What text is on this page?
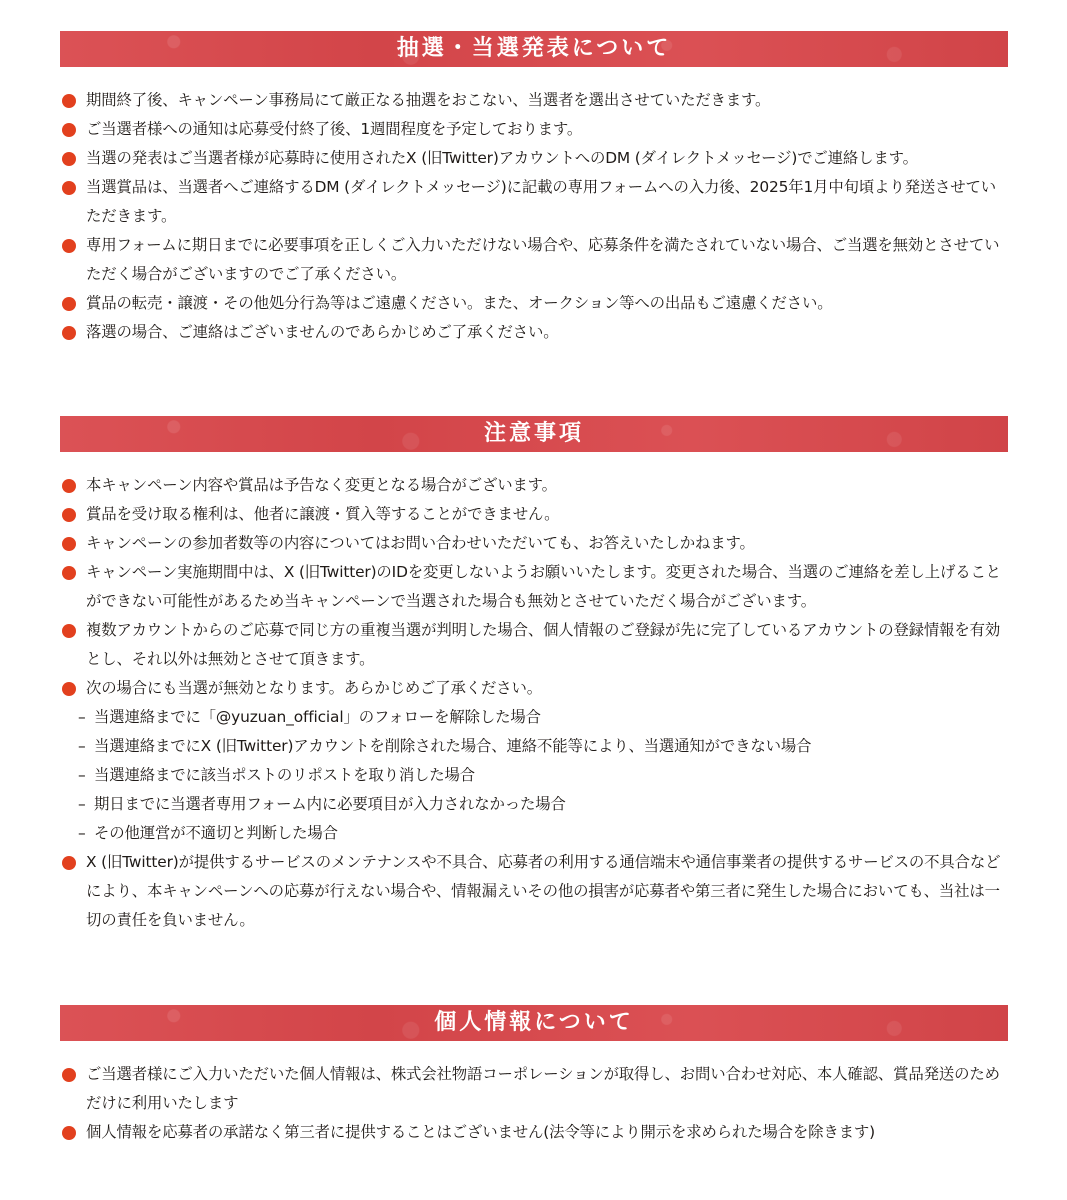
抽選・当選発表について
期間終了後、キャンペーン事務局にて厳正なる抽選をおこない、当選者を選出させていただきます。
ご当選者様への通知は応募受付終了後、1週間程度を予定しております。
当選の発表はご当選者様が応募時に使用されたX (旧Twitter)アカウントへのDM (ダイレクトメッセージ)でご連絡します。
当選賞品は、当選者へご連絡するDM (ダイレクトメッセージ)に記載の専用フォームへの入力後、2025年1月中旬頃より発送させていただきます。
専用フォームに期日までに必要事項を正しくご入力いただけない場合や、応募条件を満たされていない場合、ご当選を無効とさせていただく場合がございますのでご了承ください。
賞品の転売・譲渡・その他処分行為等はご遠慮ください。また、オークション等への出品もご遠慮ください。
落選の場合、ご連絡はございませんのであらかじめご了承ください。
注意事項
本キャンペーン内容や賞品は予告なく変更となる場合がございます。
賞品を受け取る権利は、他者に譲渡・質入等することができません。
キャンペーンの参加者数等の内容についてはお問い合わせいただいても、お答えいたしかねます。
キャンペーン実施期間中は、X (旧Twitter)のIDを変更しないようお願いいたします。変更された場合、当選のご連絡を差し上げることができない可能性があるため当キャンペーンで当選された場合も無効とさせていただく場合がございます。
複数アカウントからのご応募で同じ方の重複当選が判明した場合、個人情報のご登録が先に完了しているアカウントの登録情報を有効とし、それ以外は無効とさせて頂きます。
次の場合にも当選が無効となります。あらかじめご了承ください。
– 当選連絡までに「@yuzuan_official」のフォローを解除した場合
– 当選連絡までにX (旧Twitter)アカウントを削除された場合、連絡不能等により、当選通知ができない場合
– 当選連絡までに該当ポストのリポストを取り消した場合
– 期日までに当選者専用フォーム内に必要項目が入力されなかった場合
– その他運営が不適切と判断した場合
X (旧Twitter)が提供するサービスのメンテナンスや不具合、応募者の利用する通信端末や通信事業者の提供するサービスの不具合などにより、本キャンペーンへの応募が行えない場合や、情報漏えいその他の損害が応募者や第三者に発生した場合においても、当社は一切の責任を負いません。
個人情報について
ご当選者様にご入力いただいた個人情報は、株式会社物語コーポレーションが取得し、お問い合わせ対応、本人確認、賞品発送のためだけに利用いたします
個人情報を応募者の承諾なく第三者に提供することはございません(法令等により開示を求められた場合を除きます)
